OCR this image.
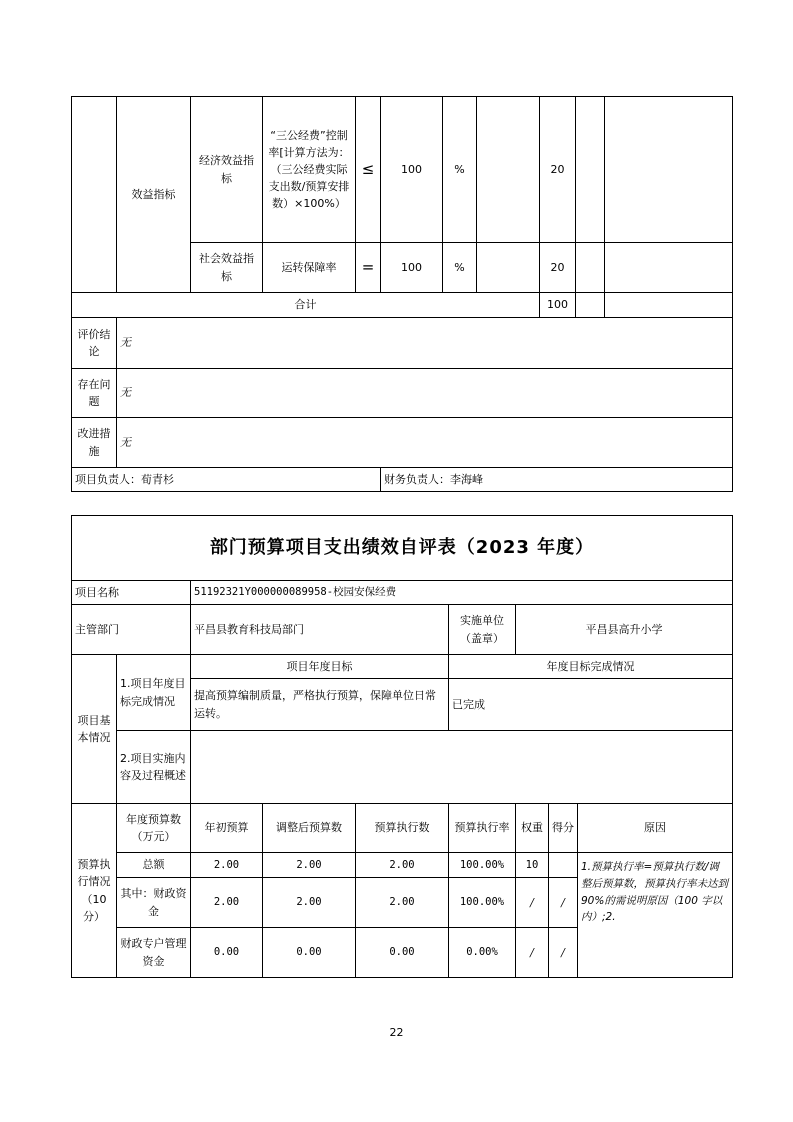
	效益指标	经济效益指标	“三公经费”控制率[计算方法为：（三公经费实际支出数/预算安排数）×100%）	≤	100	%		20		
		社会效益指标	运转保障率	=	100	%		20		
合计								100		
评价结论	无									
存在问题	无									
改进措施	无									
项目负责人：荀青杉					财务负责人：李海峰					
部门预算项目支出绩效自评表（2023 年度）								
项目名称		51192321Y000000089958-校园安保经费						
主管部门		平昌县教育科技局部门			实施单位（盖章）	平昌县高升小学		
项目基本情况	1.项目年度目标完成情况	项目年度目标			年度目标完成情况			
		提高预算编制质量，严格执行预算，保障单位日常运转。			已完成			
	2.项目实施内容及过程概述							
预算执行情况（10分）	年度预算数（万元）	年初预算	调整后预算数	预算执行数	预算执行率	权重	得分	原因
	总额	2.00	2.00	2.00	100.00%	10		1.预算执行率=预算执行数/调整后预算数，预算执行率未达到 90%的需说明原因（100 字以内）;2.
	其中：财政资金	2.00	2.00	2.00	100.00%	/	/	
	财政专户管理资金	0.00	0.00	0.00	0.00%	/	/	
22
